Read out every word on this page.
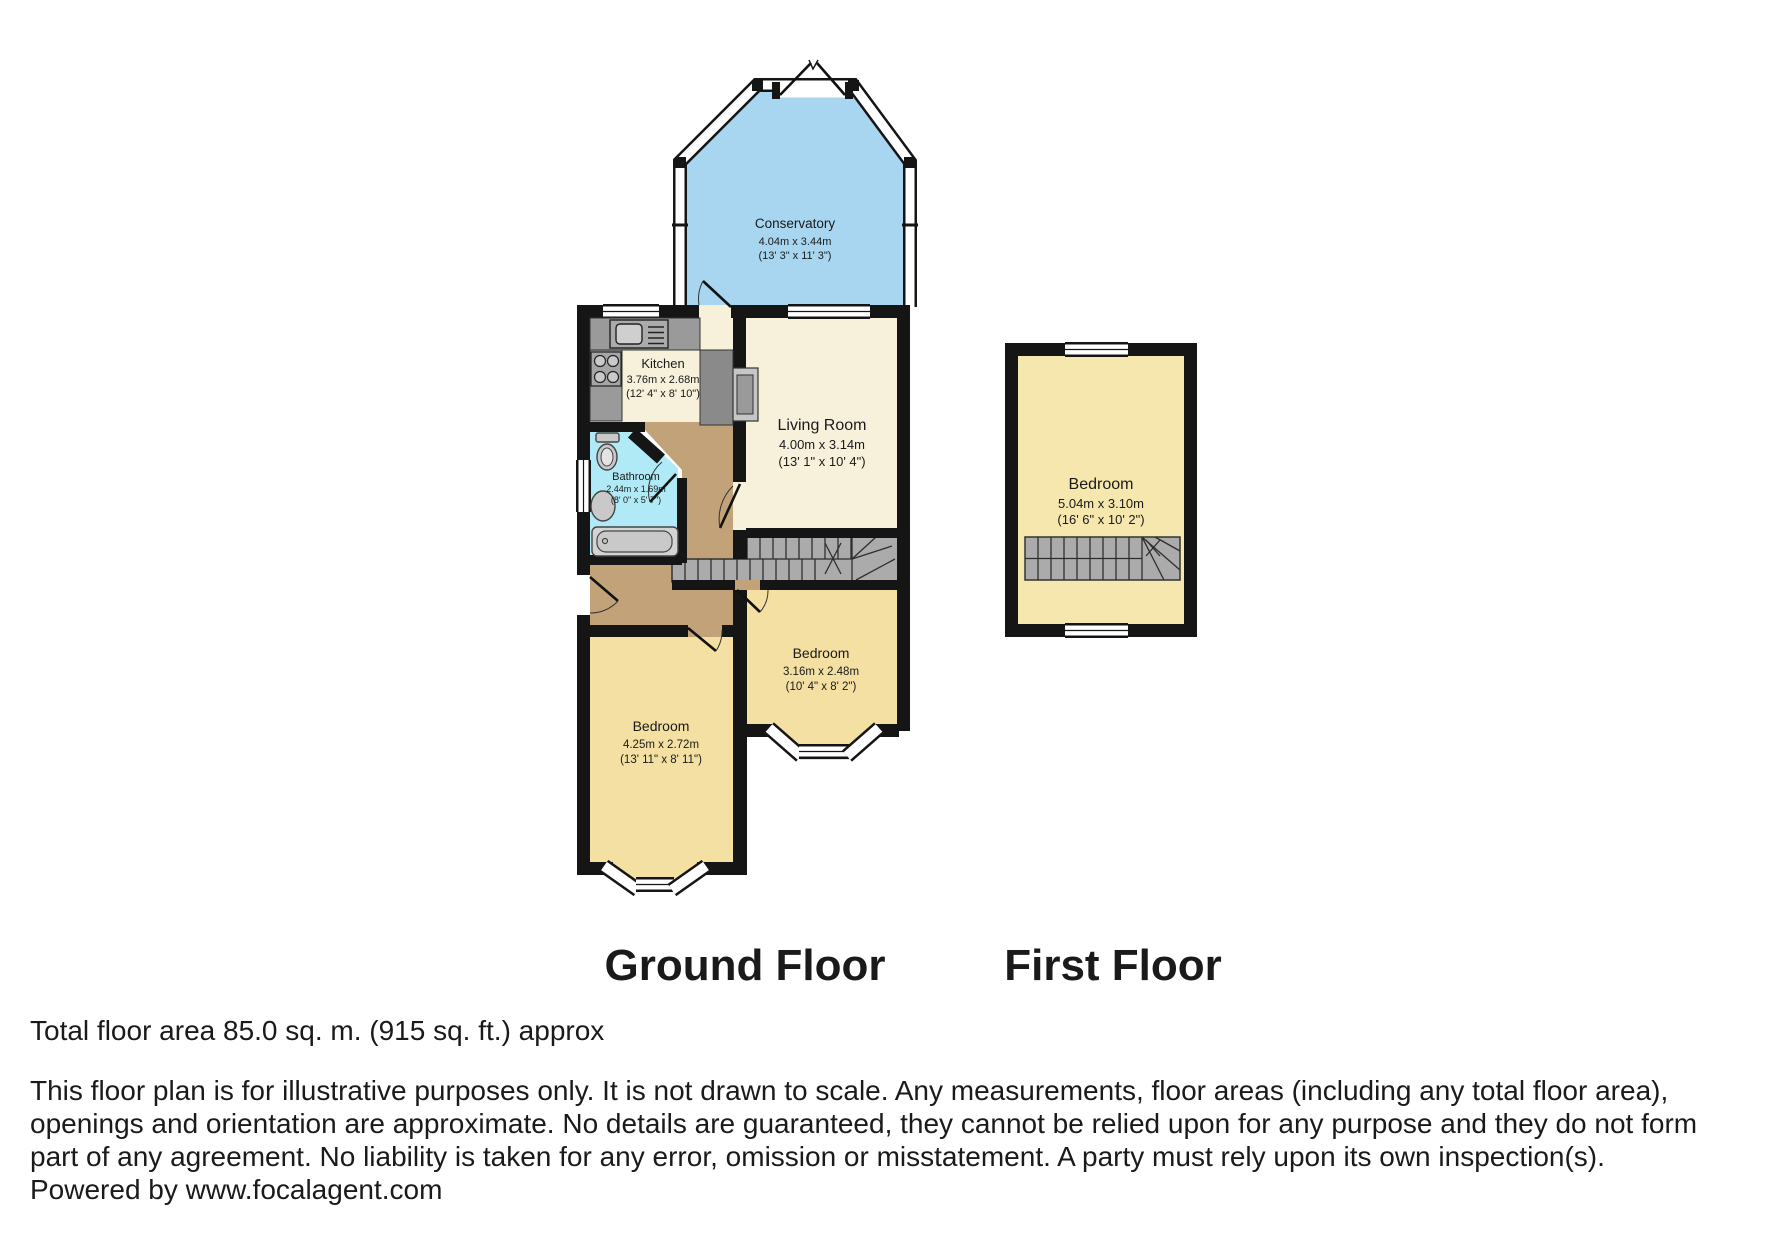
Conservatory
4.04m x 3.44m
(13' 3" x 11' 3")
Kitchen
3.76m x 2.68m
(12' 4" x 8' 10")
Living Room
4.00m x 3.14m
(13' 1" x 10' 4")
Bathroom
2.44m x 1.69m
(8' 0" x 5' 7")
Bedroom
3.16m x 2.48m
(10' 4" x 8' 2")
Bedroom
4.25m x 2.72m
(13' 11" x 8' 11")
Bedroom
5.04m x 3.10m
(16' 6" x 10' 2")
Ground Floor	First Floor
Total floor area 85.0 sq. m. (915 sq. ft.) approx
This floor plan is for illustrative purposes only. It is not drawn to scale. Any measurements, floor areas (including any total floor area),
openings and orientation are approximate. No details are guaranteed, they cannot be relied upon for any purpose and they do not form
part of any agreement. No liability is taken for any error, omission or misstatement. A party must rely upon its own inspection(s).
Powered by www.focalagent.com
